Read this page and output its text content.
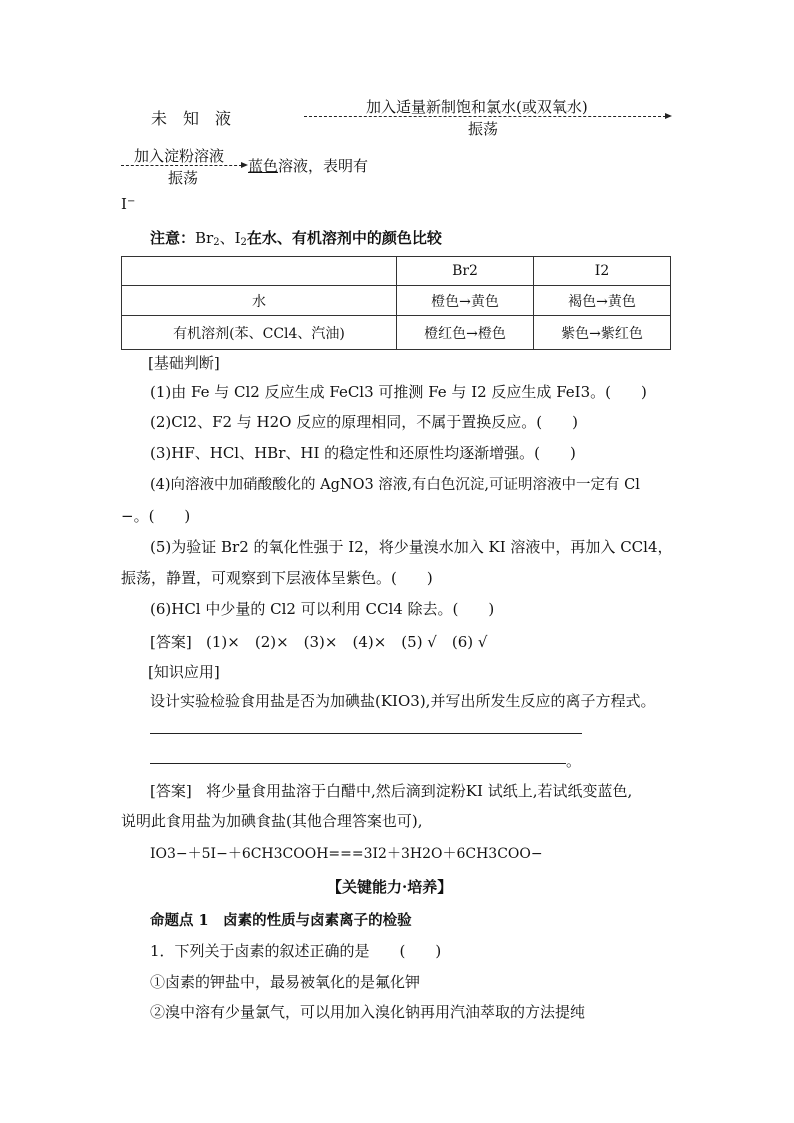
未　知　液
加入适量新制饱和氯水(或双氧水)
振荡
加入淀粉溶液
振荡
蓝色溶液，表明有
I−
注意：$Br_2$、$I_2$在水、有机溶剂中的颜色比较
	Br2	I2
水	橙色→黄色	褐色→黄色
有机溶剂(苯、CCl4、汽油)	橙红色→橙色	紫色→紫红色
[基础判断]
(1)由 Fe 与 Cl2 反应生成 FeCl3 可推测 Fe 与 I2 反应生成 FeI3。(　　)
(2)Cl2、F2 与 H2O 反应的原理相同，不属于置换反应。(　　)
(3)HF、HCl、HBr、HI 的稳定性和还原性均逐渐增强。(　　)
(4)向溶液中加硝酸酸化的 AgNO3 溶液,有白色沉淀,可证明溶液中一定有 Cl
−。(　　)
(5)为验证 Br2 的氧化性强于 I2，将少量溴水加入 KI 溶液中，再加入 CCl4，
振荡，静置，可观察到下层液体呈紫色。(　　)
(6)HCl 中少量的 Cl2 可以利用 CCl4 除去。(　　)
[答案] (1)×　(2)×　(3)×　(4)×　(5) √　(6) √
[知识应用]
设计实验检验食用盐是否为加碘盐(KIO3),并写出所发生反应的离子方程式。
。
[答案] 将少量食用盐溶于白醋中,然后滴到淀粉KI 试纸上,若试纸变蓝色,
说明此食用盐为加碘食盐(其他合理答案也可),
IO3−＋5I−＋6CH3COOH===3I2＋3H2O＋6CH3COO−
【关键能力·培养】
命题点 1　卤素的性质与卤素离子的检验
1．下列关于卤素的叙述正确的是　　(　　)
①卤素的钾盐中，最易被氧化的是氟化钾
②溴中溶有少量氯气，可以用加入溴化钠再用汽油萃取的方法提纯
